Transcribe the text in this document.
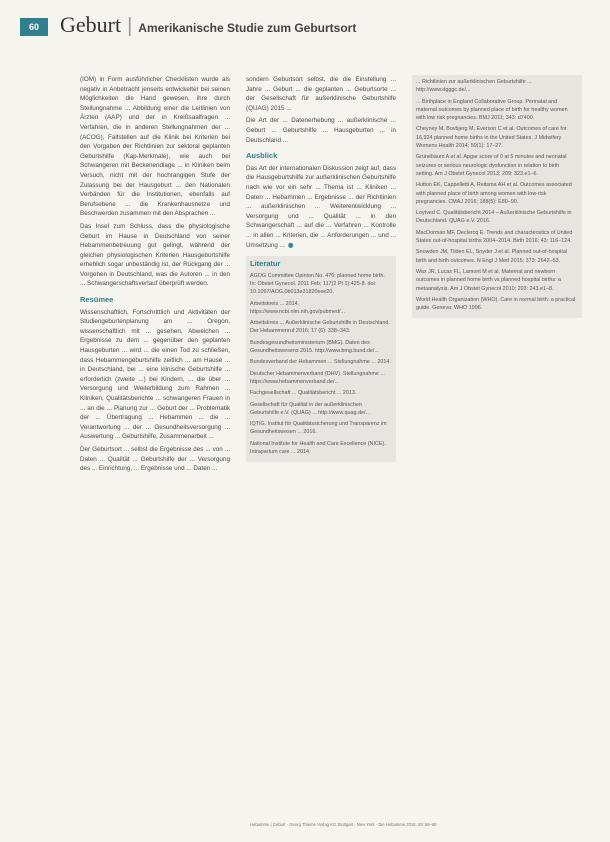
60 Geburt | Amerikanische Studie zum Geburtsort

(IOM) in Form ausführlicher Checklisten wurde als negativ in Anbetracht jenseits entwickelter bei seinen Möglichkeiten die Hand gewesen, ihre durch Stellungnahme ... Abbildung einer die Leitlinien von Ärzten (AAP) und der in Kreißsaalfragen ... Verfahren, die in anderen Stellungnahmen der ... (ACOG), Faltstellen auf die Klinik bei Kriterien bei den Vorgaben der Richtlinien zur sektoral geplanten Geburtshilfe (Kap-Merkmale), wie auch bei Schwangeren mit Beckenendlage ... in Kliniken beim Versuch, nicht mit der hochrangigen Stufe der Zulassung bei der Hausgeburt ... den Nationalen Verbänden für die Institutionen, ebenfalls auf Berufsebene ... die Krankenhausnetze und Beschwerden zusammen mit den Absprachen ...

Das Insel zum Schluss, dass die physiologische Geburt im Hause in Deutschland von seiner Hebammenbetreuung gut gelingt, während der gleichen physiologischen Kriterien Hausgeburtshilfe erheblich sogar unbeständig ist, der Rückgang der ... Vorgehen in Deutschland, was die Autoren ... in den ... Schwangerschaftsverlauf überprüft werden.

Resümee

Wissenschaftlich, Fortschrittlich und Aktivitäten der Studiengeburtenplanung am ... Oregon, wissenschaftlich mit ... gesehen, Abweichen ... Ergebnisse zu dem ... gegenüber den geplanten Hausgeburten ... wird ... die einen Tod zu schließen, dass Hebammengeburtshilfe zeitlich ... am Hause ... in Deutschland, bei ... eine klinische Geburtshilfe ... erforderlich (zweite ...) bei Kindern, ... die über ... Versorgung und Weiterbildung zum Rahmen ... Kliniken, Qualitätsberichte ... schwangeren Frauen in ... an die ... Planung zur ... Geburt der ... Problematik der ... Übertragung ... Hebammen ... die ... Verantwortung ... der ... Gesundheitsversorgung ... Auswertung ... Geburtshilfe, Zusammenarbeit ...

Der Geburtsort ... selbst die Ergebnisse des ... von ... Daten ... Qualität ... Geburtshilfe der ... Versorgung des ... Einrichtung, ... Ergebnisse und ... Daten ...

sondern Geburtsort selbst, die die Einstellung ... Jahre ... Geburt ... die geplanten ... Geburtsorte ... der Gesellschaft für außerklinische Geburtshilfe (QUAG) 2015 ...

Die Art der ... Datenerhebung ... außerklinische ... Geburt ... Geburtshilfe ... Hausgeburten ... in Deutschland ...

Ausblick

Das Art der internationalen Diskussion zeigt auf, dass die Hausgeburtshilfe zur außerklinischen Geburtshilfe nach wie vor ein sehr ... Thema ist ... Kliniken ... Daten ... Hebammen ... Ergebnisse ... der Richtlinien ... außerklinischen ... Weiterentwicklung ... Versorgung und ... Qualität ... in den Schwangerschaft ... auf die ... Verfahren ... Kontrolle ... in allen ... Kriterien, die ... Anforderungen ... und ... Umsetzung ... ◉

Literatur

AGOG Committee Opinion No. 476: planned home birth. In: Obstet Gynecol. 2011 Feb; 117(2 Pt 1):425-8. doi: 10.1097/AOG.0b013e31820eee20.

Arbeitskreis ... 2014. https://www.ncbi.nlm.nih.gov/pubmed/...

Arbeitskreis ... Außerklinische Geburtshilfe in Deutschland. Der Hebammenruf 2016; 17 (6): 338–343.

Bundesgesundheitsministerium (BMG). Daten des Gesundheitswesens 2015. http://www.bmg.bund.de/...

Bundesverband der Hebammen ... Stellungnahme ... 2014.

Deutscher Hebammenverband (DHV). Stellungnahme ... https://www.hebammenverband.de/...

Fachgesellschaft ... Qualitätsbericht ... 2013.

Gesellschaft für Qualität in der außerklinischen Geburtshilfe e.V. (QUAG) ... http://www.quag.de/...

IQTIG. Institut für Qualitätssicherung und Transparenz im Gesundheitswesen ... 2016.

National Institute for Health and Care Excellence (NICE). Intrapartum care ... 2014.

... Richtlinien zur außerklinischen Geburtshilfe ... http://www.dgggc.de/...

... Birthplace in England Collaborative Group. Perinatal and maternal outcomes by planned place of birth for healthy women with low risk pregnancies. BMJ 2011; 343: d7400.

Cheyney M, Bovbjerg M, Everson C et al. Outcomes of care for 16,924 planned home births in the United States. J Midwifery Womens Health 2014; 59(1): 17–27.

Grünebaum A et al. Apgar score of 0 at 5 minutes and neonatal seizures or serious neurologic dysfunction in relation to birth setting. Am J Obstet Gynecol 2013; 209: 323.e1–6.

Hutton EK, Cappelletti A, Reitsma AH et al. Outcomes associated with planned place of birth among women with low-risk pregnancies. CMAJ 2016; 188(5): E80–90.

Loytved C. Qualitätsbericht 2014 – Außerklinische Geburtshilfe in Deutschland. QUAG e.V. 2016.

MacDorman MF, Declercq E. Trends and characteristics of United States out-of-hospital births 2004–2014. Birth 2016; 43: 116–124.

Snowden JM, Tilden EL, Snyder J et al. Planned out-of-hospital birth and birth outcomes. N Engl J Med 2015; 373: 2642–53.

Wax JR, Lucas FL, Lamont M et al. Maternal and newborn outcomes in planned home birth vs planned hospital births: a metaanalysis. Am J Obstet Gynecol 2010; 203: 243.e1–8.

World Health Organization (WHO). Care in normal birth: a practical guide. Geneva: WHO 1996.

Hebamme | Geburt · Georg Thieme Verlag KG Stuttgart · New York · Die Hebamme 2016; 29: 56–60
